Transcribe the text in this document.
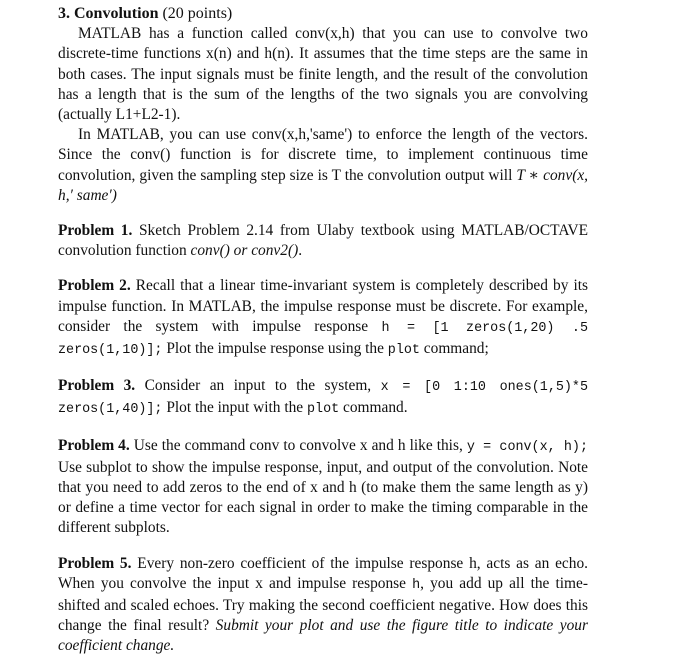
3. Convolution (20 points)

MATLAB has a function called conv(x,h) that you can use to convolve two discrete-time functions x(n) and h(n). It assumes that the time steps are the same in both cases. The input signals must be finite length, and the result of the convolution has a length that is the sum of the lengths of the two signals you are convolving (actually L1+L2-1).

In MATLAB, you can use conv(x,h,'same') to enforce the length of the vectors. Since the conv() function is for discrete time, to implement continuous time convolution, given the sampling step size is T the convolution output will T ∗ conv(x, h,′ same′)

Problem 1. Sketch Problem 2.14 from Ulaby textbook using MATLAB/OCTAVE convolution function conv() or conv2().

Problem 2. Recall that a linear time-invariant system is completely described by its impulse function. In MATLAB, the impulse response must be discrete. For example, consider the system with impulse response h = [1 zeros(1,20) .5 zeros(1,10)]; Plot the impulse response using the plot command;

Problem 3. Consider an input to the system, x = [0 1:10 ones(1,5)*5 zeros(1,40)]; Plot the input with the plot command.

Problem 4. Use the command conv to convolve x and h like this, y = conv(x, h); Use subplot to show the impulse response, input, and output of the convolution. Note that you need to add zeros to the end of x and h (to make them the same length as y) or define a time vector for each signal in order to make the timing comparable in the different subplots.

Problem 5. Every non-zero coefficient of the impulse response h, acts as an echo. When you convolve the input x and impulse response h, you add up all the time-shifted and scaled echoes. Try making the second coefficient negative. How does this change the final result? Submit your plot and use the figure title to indicate your coefficient change.
